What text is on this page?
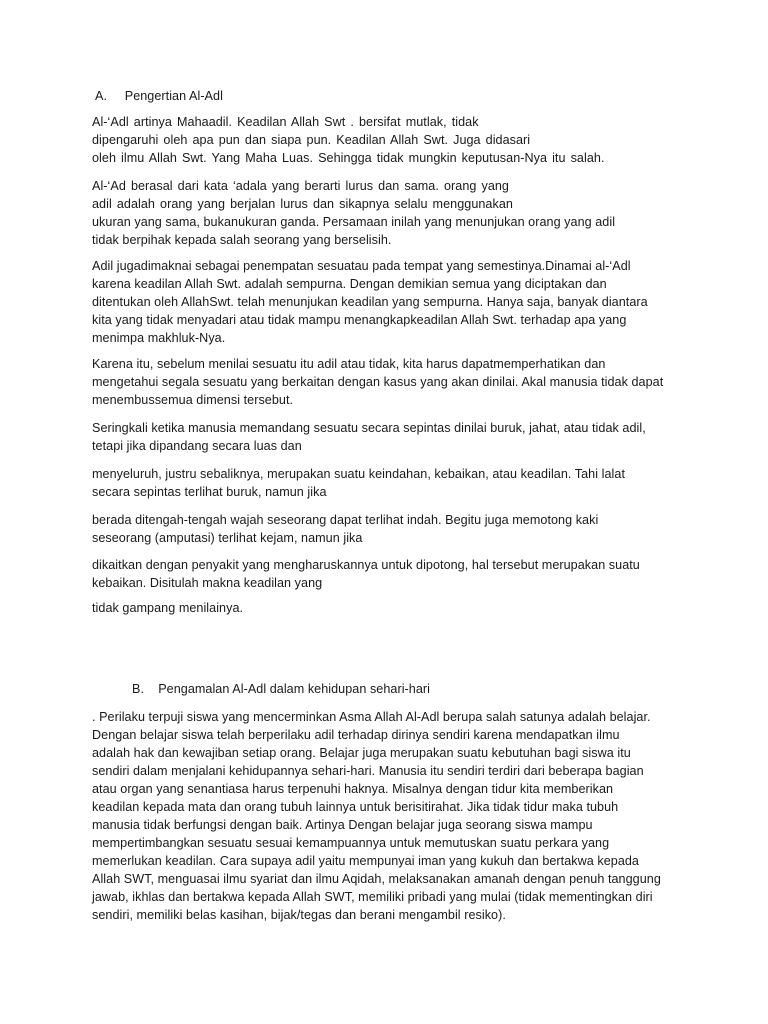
A. Pengertian Al-Adl
Al-‘Adl artinya Mahaadil. Keadilan Allah Swt . bersifat mutlak, tidak
dipengaruhi oleh apa pun dan siapa pun. Keadilan Allah Swt. Juga didasari
oleh ilmu Allah Swt. Yang Maha Luas. Sehingga tidak mungkin keputusan-Nya itu salah.
Al-‘Ad berasal dari kata ‘adala yang berarti lurus dan sama. orang yang
adil adalah orang yang berjalan lurus dan sikapnya selalu menggunakan
ukuran yang sama, bukanukuran ganda. Persamaan inilah yang menunjukan orang yang adil
tidak berpihak kepada salah seorang yang berselisih.
Adil jugadimaknai sebagai penempatan sesuatau pada tempat yang semestinya.Dinamai al-‘Adl
karena keadilan Allah Swt. adalah sempurna. Dengan demikian semua yang diciptakan dan
ditentukan oleh AllahSwt. telah menunjukan keadilan yang sempurna. Hanya saja, banyak diantara
kita yang tidak menyadari atau tidak mampu menangkapkeadilan Allah Swt. terhadap apa yang
menimpa makhluk-Nya.
Karena itu, sebelum menilai sesuatu itu adil atau tidak, kita harus dapatmemperhatikan dan
mengetahui segala sesuatu yang berkaitan dengan kasus yang akan dinilai. Akal manusia tidak dapat
menembussemua dimensi tersebut.
Seringkali ketika manusia memandang sesuatu secara sepintas dinilai buruk, jahat, atau tidak adil,
tetapi jika dipandang secara luas dan
menyeluruh, justru sebaliknya, merupakan suatu keindahan, kebaikan, atau keadilan. Tahi lalat
secara sepintas terlihat buruk, namun jika
berada ditengah-tengah wajah seseorang dapat terlihat indah. Begitu juga memotong kaki
seseorang (amputasi) terlihat kejam, namun jika
dikaitkan dengan penyakit yang mengharuskannya untuk dipotong, hal tersebut merupakan suatu
kebaikan. Disitulah makna keadilan yang
tidak gampang menilainya.
B. Pengamalan Al-Adl dalam kehidupan sehari-hari
. Perilaku terpuji siswa yang mencerminkan Asma Allah Al-Adl berupa salah satunya adalah belajar.
Dengan belajar siswa telah berperilaku adil terhadap dirinya sendiri karena mendapatkan ilmu
adalah hak dan kewajiban setiap orang. Belajar juga merupakan suatu kebutuhan bagi siswa itu
sendiri dalam menjalani kehidupannya sehari-hari. Manusia itu sendiri terdiri dari beberapa bagian
atau organ yang senantiasa harus terpenuhi haknya. Misalnya dengan tidur kita memberikan
keadilan kepada mata dan orang tubuh lainnya untuk berisitirahat. Jika tidak tidur maka tubuh
manusia tidak berfungsi dengan baik. Artinya Dengan belajar juga seorang siswa mampu
mempertimbangkan sesuatu sesuai kemampuannya untuk memutuskan suatu perkara yang
memerlukan keadilan. Cara supaya adil yaitu mempunyai iman yang kukuh dan bertakwa kepada
Allah SWT, menguasai ilmu syariat dan ilmu Aqidah, melaksanakan amanah dengan penuh tanggung
jawab, ikhlas dan bertakwa kepada Allah SWT, memiliki pribadi yang mulai (tidak mementingkan diri
sendiri, memiliki belas kasihan, bijak/tegas dan berani mengambil resiko).
